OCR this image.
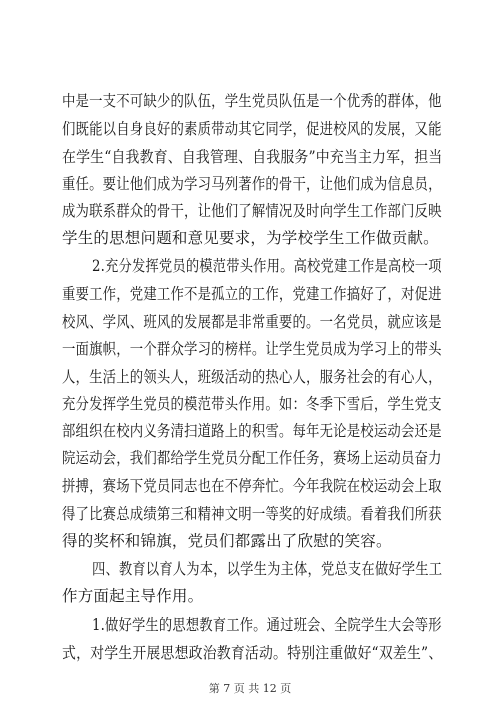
中是一支不可缺少的队伍，学生党员队伍是一个优秀的群体，他
们既能以自身良好的素质带动其它同学，促进校风的发展，又能
在学生“自我教育、自我管理、自我服务”中充当主力军，担当
重任。要让他们成为学习马列著作的骨干，让他们成为信息员，
成为联系群众的骨干，让他们了解情况及时向学生工作部门反映
学生的思想问题和意见要求，为学校学生工作做贡献。
2.充分发挥党员的模范带头作用。高校党建工作是高校一项
重要工作，党建工作不是孤立的工作，党建工作搞好了，对促进
校风、学风、班风的发展都是非常重要的。一名党员，就应该是
一面旗帜，一个群众学习的榜样。让学生党员成为学习上的带头
人，生活上的领头人，班级活动的热心人，服务社会的有心人，
充分发挥学生党员的模范带头作用。如：冬季下雪后，学生党支
部组织在校内义务清扫道路上的积雪。每年无论是校运动会还是
院运动会，我们都给学生党员分配工作任务，赛场上运动员奋力
拼搏，赛场下党员同志也在不停奔忙。今年我院在校运动会上取
得了比赛总成绩第三和精神文明一等奖的好成绩。看着我们所获
得的奖杯和锦旗，党员们都露出了欣慰的笑容。
四、教育以育人为本，以学生为主体，党总支在做好学生工
作方面起主导作用。
1.做好学生的思想教育工作。通过班会、全院学生大会等形
式，对学生开展思想政治教育活动。特别注重做好“双差生”、
第 7 页 共 12 页
